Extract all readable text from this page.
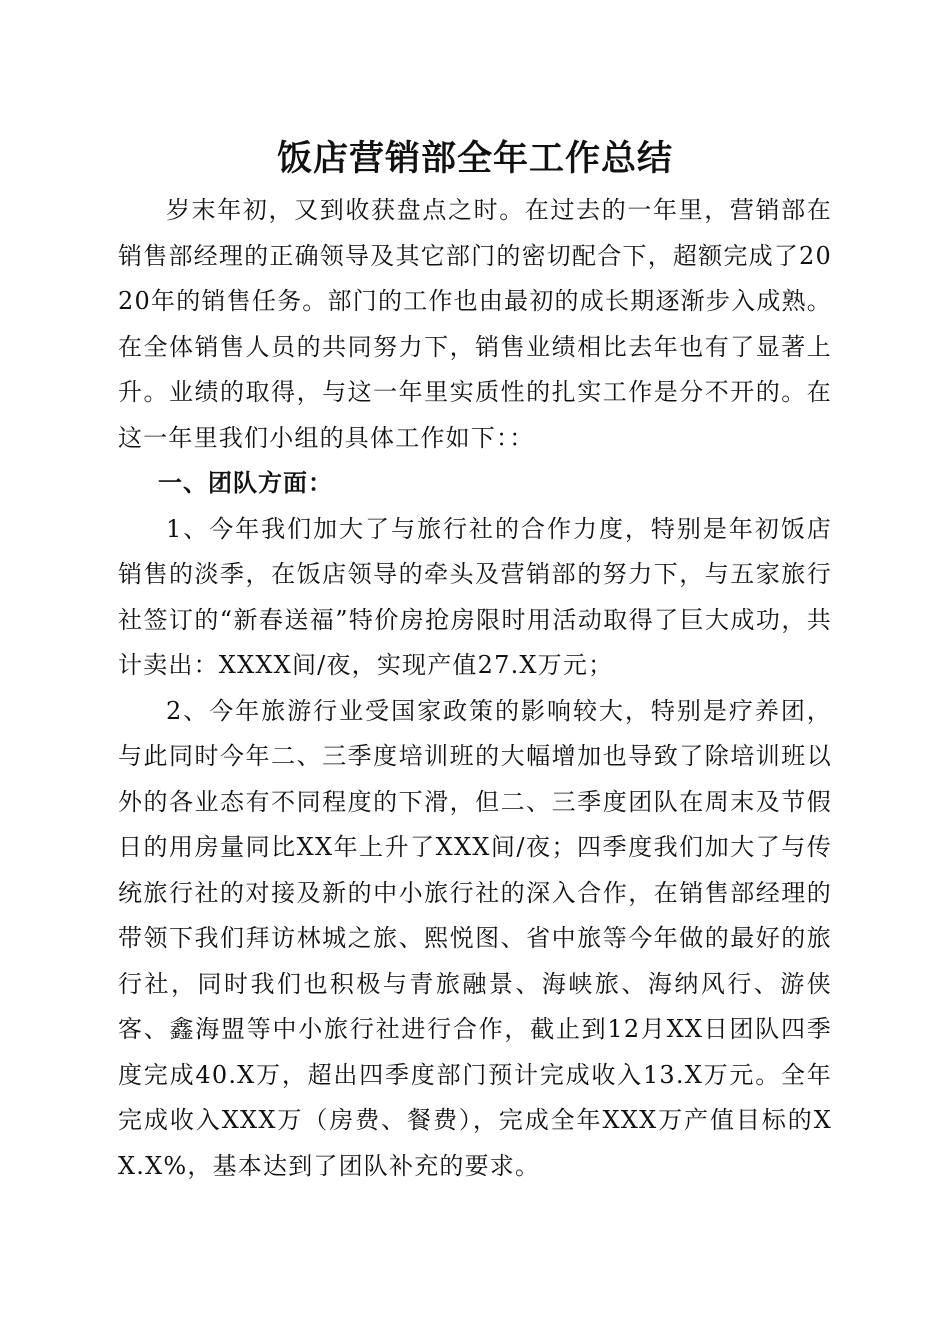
饭店营销部全年工作总结

岁末年初，又到收获盘点之时。在过去的一年里，营销部在销售部经理的正确领导及其它部门的密切配合下，超额完成了2020年的销售任务。部门的工作也由最初的成长期逐渐步入成熟。在全体销售人员的共同努力下，销售业绩相比去年也有了显著上升。业绩的取得，与这一年里实质性的扎实工作是分不开的。在这一年里我们小组的具体工作如下：：

一、团队方面：

1、今年我们加大了与旅行社的合作力度，特别是年初饭店销售的淡季，在饭店领导的牵头及营销部的努力下，与五家旅行社签订的“新春送福”特价房抢房限时用活动取得了巨大成功，共计卖出：XXXX间/夜，实现产值27.X万元；

2、今年旅游行业受国家政策的影响较大，特别是疗养团，与此同时今年二、三季度培训班的大幅增加也导致了除培训班以外的各业态有不同程度的下滑，但二、三季度团队在周末及节假日的用房量同比XX年上升了XXX间/夜；四季度我们加大了与传统旅行社的对接及新的中小旅行社的深入合作，在销售部经理的带领下我们拜访林城之旅、熙悦图、省中旅等今年做的最好的旅行社，同时我们也积极与青旅融景、海峡旅、海纳风行、游侠客、鑫海盟等中小旅行社进行合作，截止到12月XX日团队四季度完成40.X万，超出四季度部门预计完成收入13.X万元。全年完成收入XXX万（房费、餐费），完成全年XXX万产值目标的XX.X%，基本达到了团队补充的要求。
